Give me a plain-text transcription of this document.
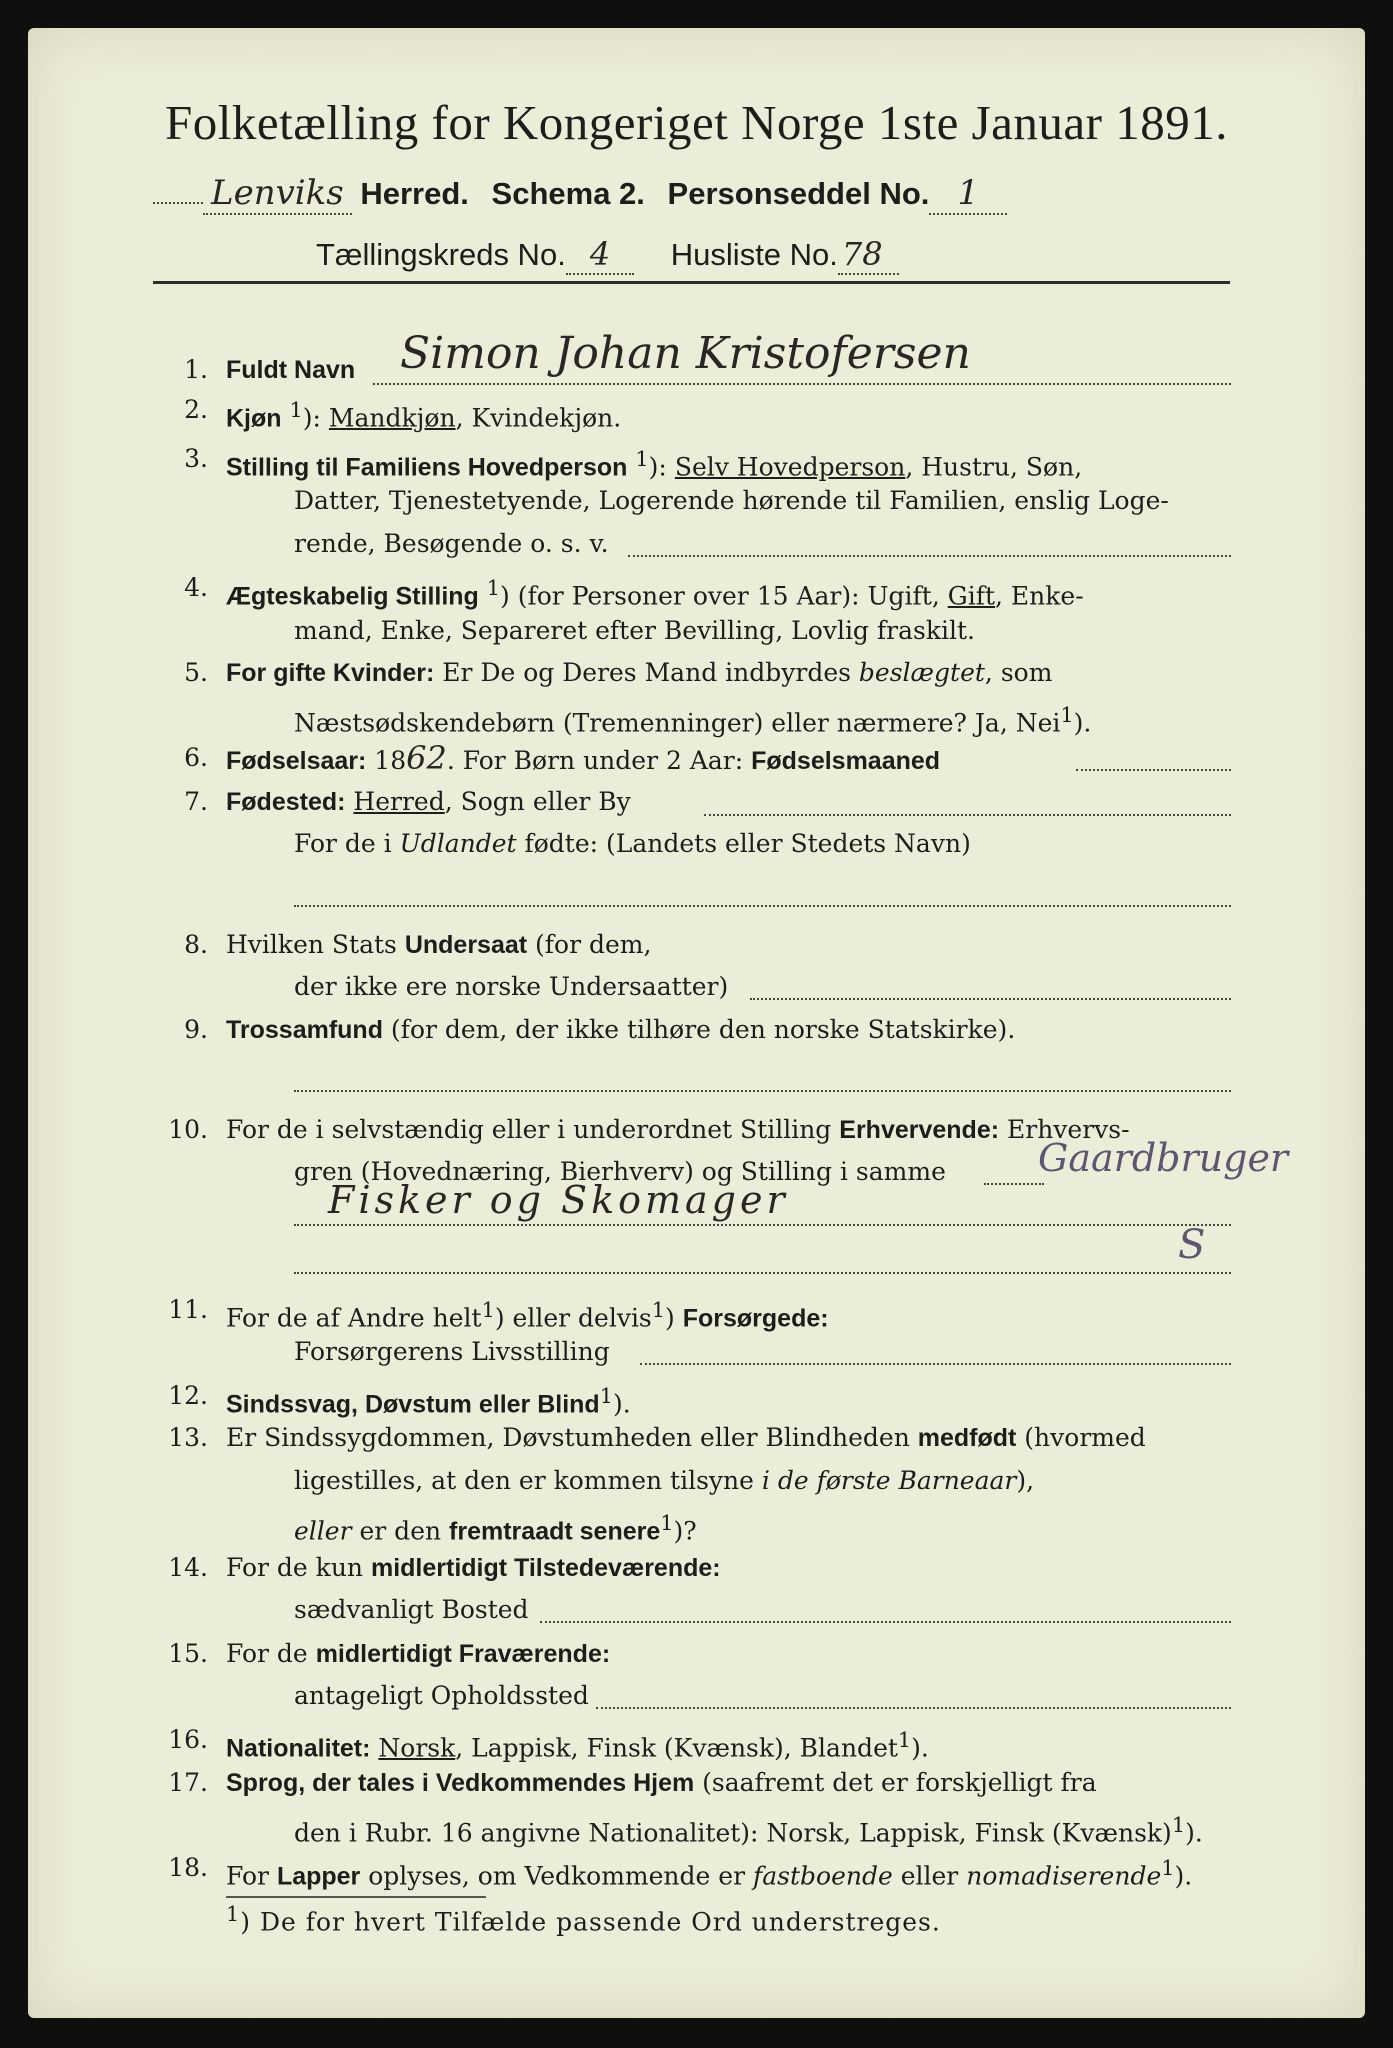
Folketælling for Kongeriget Norge 1ste Januar 1891.
Lenviks Herred. Schema 2. Personseddel No. 1
Tællingskreds No. 4 Husliste No. 78
1. Fuldt Navn	Simon Johan Kristofersen
2. Kjøn $^1$): Mandkjøn, Kvindekjøn.
3. Stilling til Familiens Hovedperson $^1$): Selv Hovedperson, Hustru, Søn,
Datter, Tjenestetyende, Logerende hørende til Familien, enslig Loge-
rende, Besøgende o. s. v.
4. Ægteskabelig Stilling $^1$) (for Personer over 15 Aar): Ugift, Gift, Enke-
mand, Enke, Separeret efter Bevilling, Lovlig fraskilt.
5. For gifte Kvinder: Er De og Deres Mand indbyrdes beslægtet, som
Næstsødskendebørn (Tremenninger) eller nærmere? Ja, Nei$^1$).
6. Fødselsaar: 1862. For Børn under 2 Aar: Fødselsmaaned
7. Fødested: Herred, Sogn eller By
For de i Udlandet fødte: (Landets eller Stedets Navn)
8. Hvilken Stats Undersaat (for dem,
der ikke ere norske Undersaatter)
9. Trossamfund (for dem, der ikke tilhøre den norske Statskirke).
10. For de i selvstændig eller i underordnet Stilling Erhvervende: Erhvervs-
gren (Hovednæring, Bierhverv) og Stilling i samme Gaardbruger
Fisker og Skomager
S
11. For de af Andre helt$^1$) eller delvis$^1$) Forsørgede:
Forsørgerens Livsstilling
12. Sindssvag, Døvstum eller Blind$^1$).
13. Er Sindssygdommen, Døvstumheden eller Blindheden medfødt (hvormed
ligestilles, at den er kommen tilsyne i de første Barneaar),
eller er den fremtraadt senere$^1$)?
14. For de kun midlertidigt Tilstedeværende:
sædvanligt Bosted
15. For de midlertidigt Fraværende:
antageligt Opholdssted
16. Nationalitet: Norsk, Lappisk, Finsk (Kvænsk), Blandet$^1$).
17. Sprog, der tales i Vedkommendes Hjem (saafremt det er forskjelligt fra
den i Rubr. 16 angivne Nationalitet): Norsk, Lappisk, Finsk (Kvænsk)$^1$).
18. For Lapper oplyses, om Vedkommende er fastboende eller nomadiserende$^1$).
$^1$) De for hvert Tilfælde passende Ord understreges.
